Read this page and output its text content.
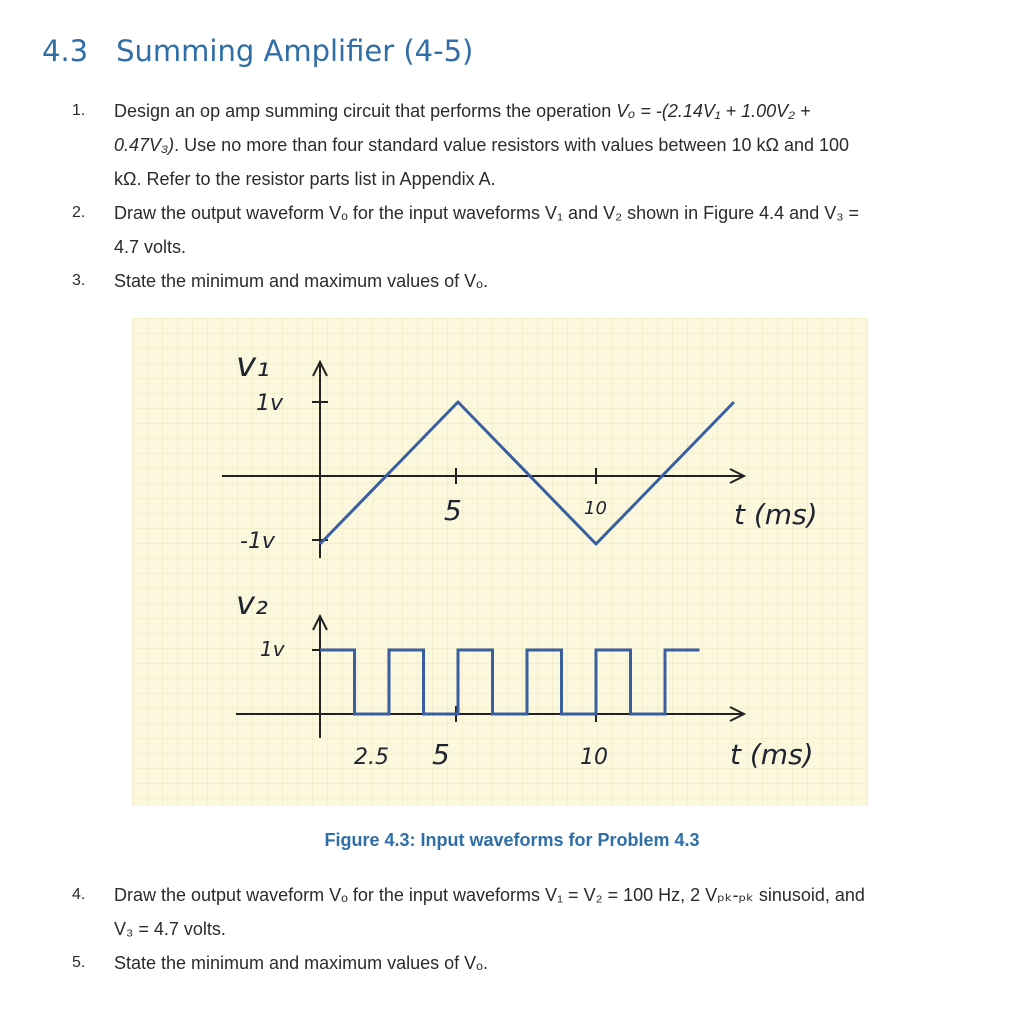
4.3 Summing Amplifier (4-5)
1. Design an op amp summing circuit that performs the operation Vₒ = -(2.14V₁ + 1.00V₂ +
0.47V₃). Use no more than four standard value resistors with values between 10 kΩ and 100
kΩ. Refer to the resistor parts list in Appendix A.
2. Draw the output waveform Vₒ for the input waveforms V₁ and V₂ shown in Figure 4.4 and V₃ =
4.7 volts.
3. State the minimum and maximum values of Vₒ.
v₁
1v
-1v
5	10	t (ms)
v₂
1v
2.5 5	10	t (ms)
Figure 4.3: Input waveforms for Problem 4.3
4. Draw the output waveform Vₒ for the input waveforms V₁ = V₂ = 100 Hz, 2 Vₚₖ-ₚₖ sinusoid, and
V₃ = 4.7 volts.
5. State the minimum and maximum values of Vₒ.
